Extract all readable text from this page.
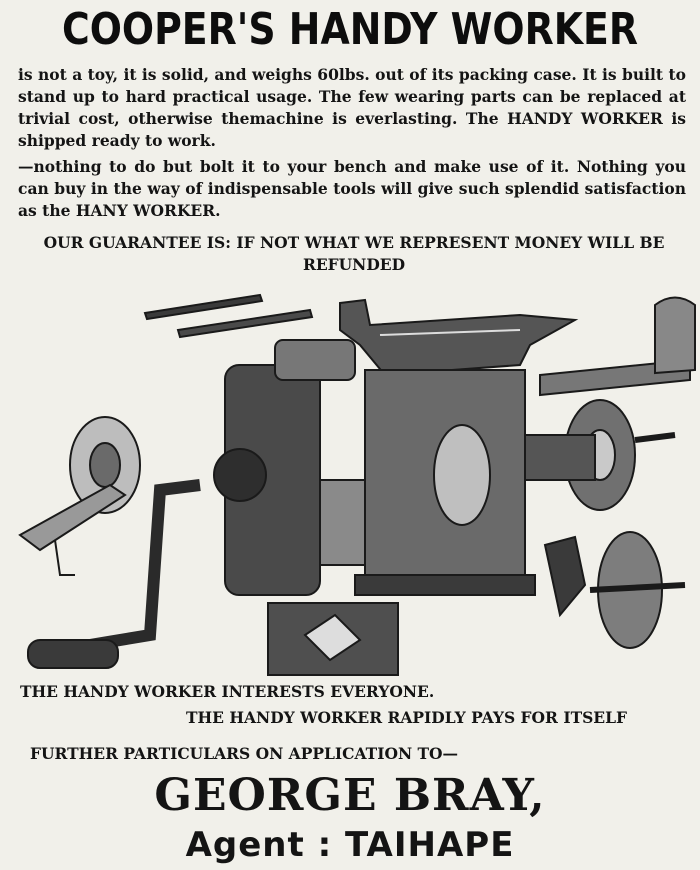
COOPER'S HANDY WORKER

is not a toy, it is solid, and weighs 60lbs. out of its packing case. It is built to stand up to hard practical usage. The few wearing parts can be replaced at trivial cost, otherwise themachine is everlasting. The HANDY WORKER is shipped ready to work.

—nothing to do but bolt it to your bench and make use of it. Nothing you can buy in the way of indispensable tools will give such splendid satisfaction as the HANY WORKER.

OUR GUARANTEE IS: IF NOT WHAT WE REPRESENT MONEY WILL BE REFUNDED

THE HANDY WORKER INTERESTS EVERYONE.

THE HANDY WORKER RAPIDLY PAYS FOR ITSELF

FURTHER PARTICULARS ON APPLICATION TO—

GEORGE BRAY,

Agent : TAIHAPE
